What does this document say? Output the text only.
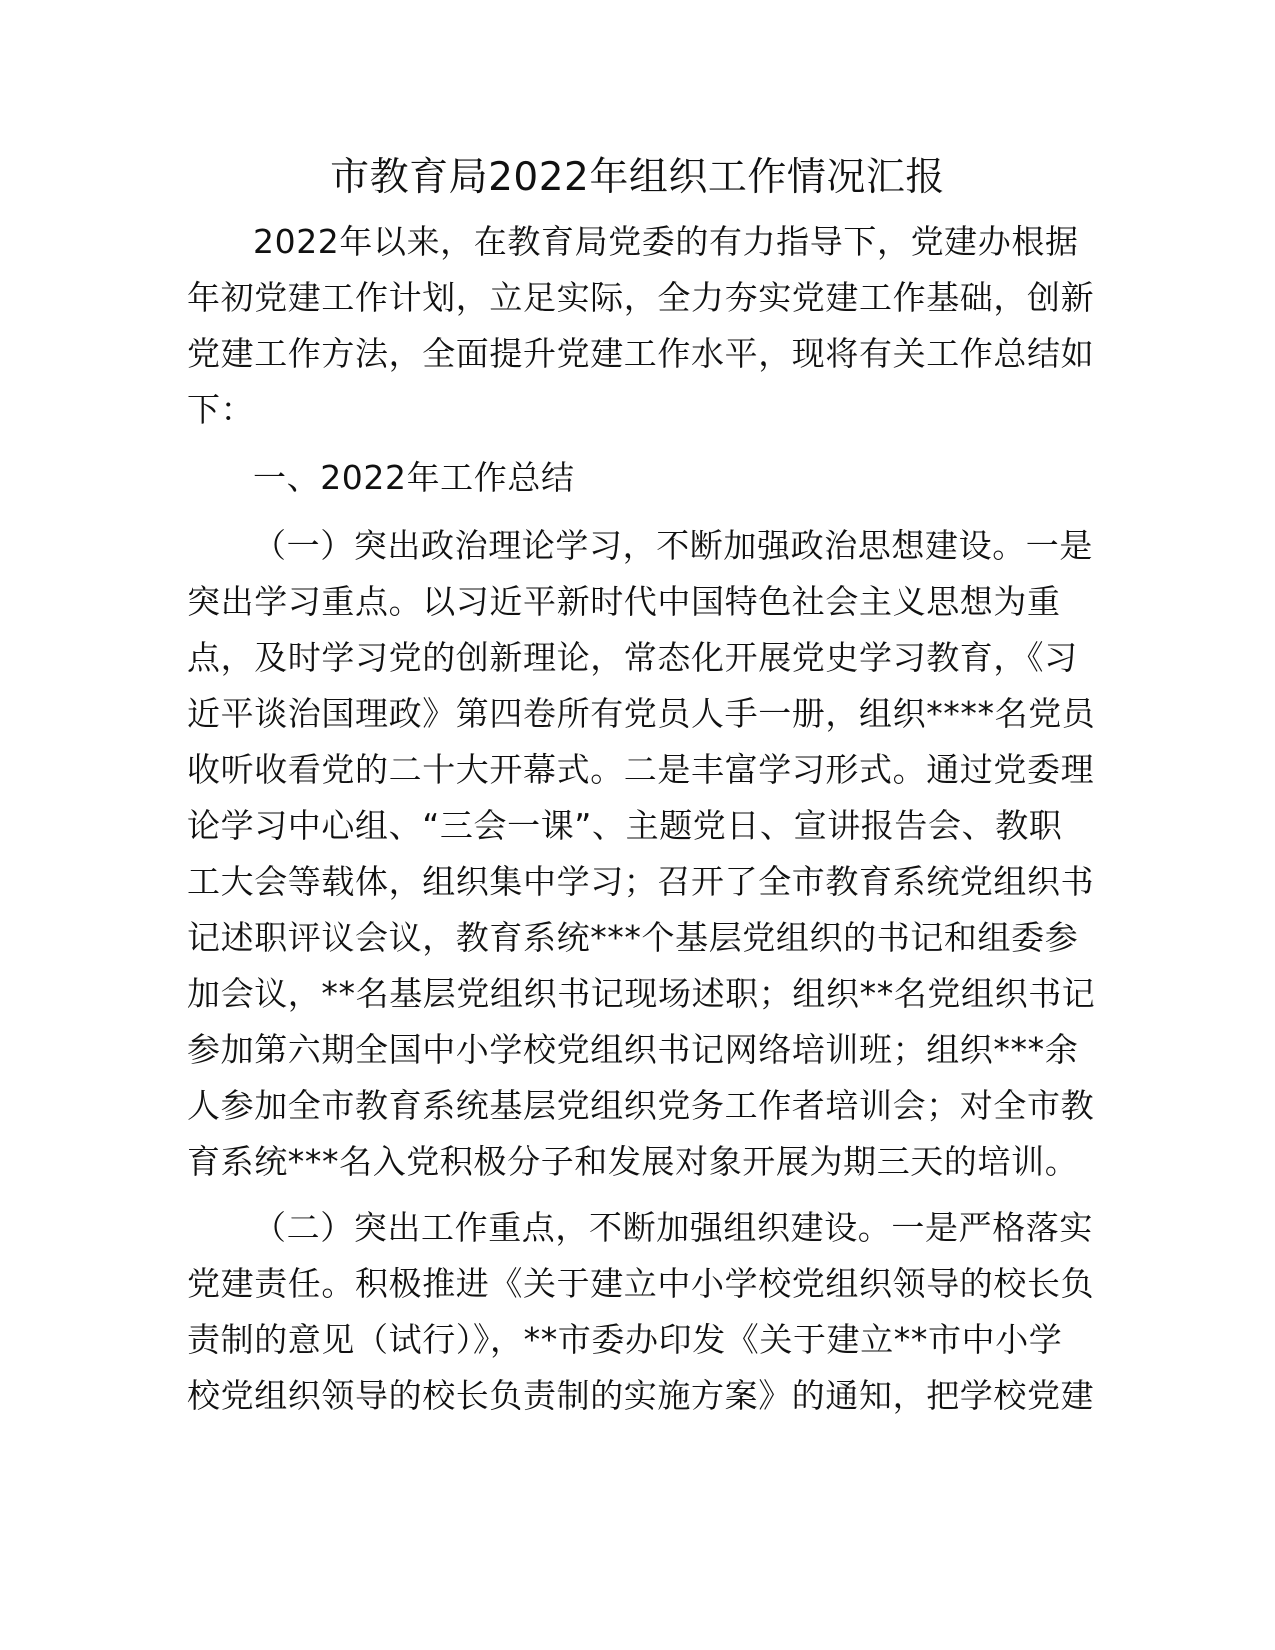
市教育局2022年组织工作情况汇报
2022年以来，在教育局党委的有力指导下，党建办根据
年初党建工作计划，立足实际，全力夯实党建工作基础，创新
党建工作方法，全面提升党建工作水平，现将有关工作总结如
下：
一、2022年工作总结
（一）突出政治理论学习，不断加强政治思想建设。一是
突出学习重点。以习近平新时代中国特色社会主义思想为重
点，及时学习党的创新理论，常态化开展党史学习教育，《习
近平谈治国理政》第四卷所有党员人手一册，组织****名党员
收听收看党的二十大开幕式。二是丰富学习形式。通过党委理
论学习中心组、“三会一课”、主题党日、宣讲报告会、教职
工大会等载体，组织集中学习；召开了全市教育系统党组织书
记述职评议会议，教育系统***个基层党组织的书记和组委参
加会议，**名基层党组织书记现场述职；组织**名党组织书记
参加第六期全国中小学校党组织书记网络培训班；组织***余
人参加全市教育系统基层党组织党务工作者培训会；对全市教
育系统***名入党积极分子和发展对象开展为期三天的培训。
（二）突出工作重点，不断加强组织建设。一是严格落实
党建责任。积极推进《关于建立中小学校党组织领导的校长负
责制的意见（试行）》，**市委办印发《关于建立**市中小学
校党组织领导的校长负责制的实施方案》的通知，把学校党建
